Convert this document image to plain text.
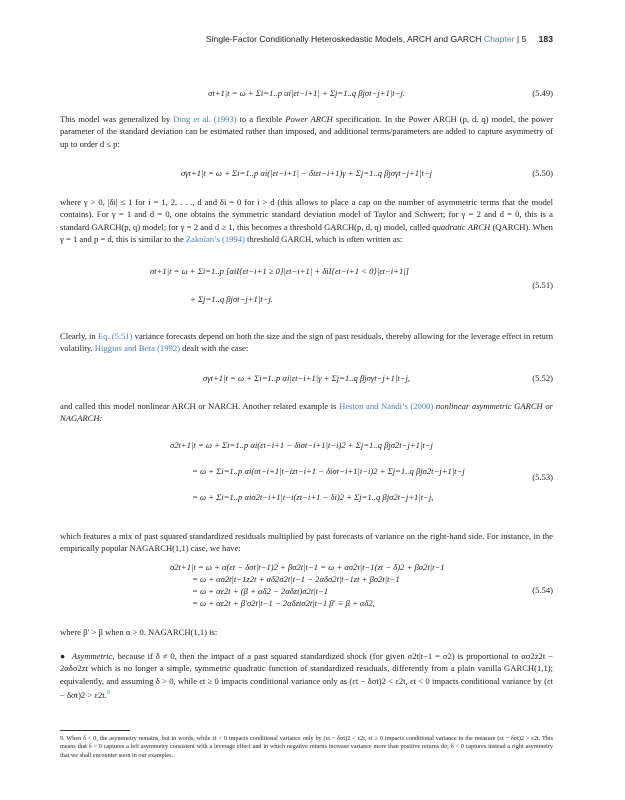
Single-Factor Conditionally Heteroskedastic Models, ARCH and GARCH Chapter | 5 183
σt+1|t = ω + Σi=1..p αi|εt−i+1| + Σj=1..q βjσt−j+1|t−j.	(5.49)
This model was generalized by Ding et al. (1993) to a flexible Power ARCH specification. In the Power ARCH (p, d, q) model, the power parameter of the standard deviation can be estimated rather than imposed, and additional terms/parameters are added to capture asymmetry of up to order d ≤ p:
σγt+1|t = ω + Σi=1..p αi(|εt−i+1| − δiεt−i+1)γ + Σj=1..q βjσγt−j+1|t−j	(5.50)
where γ > 0, |δi| ≤ 1 for i = 1, 2, . . ., d and δi = 0 for i > d (this allows to place a cap on the number of asymmetric terms that the model contains). For γ = 1 and d = 0, one obtains the symmetric standard deviation model of Taylor and Schwert; for γ = 2 and d = 0, this is a standard GARCH(p, q) model; for γ = 2 and d ≥ 1, this becomes a threshold GARCH(p, d, q) model, called quadratic ARCH (QARCH). When γ = 1 and p = d, this is similar to the Zakoïan’s (1994) threshold GARCH, which is often written as:
σt+1|t = ω + Σi=1..p [αiI{εt−i+1 ≥ 0}|εt−i+1| + δiI{εt−i+1 < 0}|εt−i+1|]
+ Σj=1..q βjσt−j+1|t−j.
(5.51)
Clearly, in Eq. (5.51) variance forecasts depend on both the size and the sign of past residuals, thereby allowing for the leverage effect in return volatility. Higgins and Bera (1992) dealt with the case:
σγt+1|t = ω + Σi=1..p αi|εt−i+1|γ + Σj=1..q βjσγt−j+1|t−j,	(5.52)
and called this model nonlinear ARCH or NARCH. Another related example is Heston and Nandi’s (2000) nonlinear asymmetric GARCH or NAGARCH:
σ2t+1|t = ω + Σi=1..p αi(εt−i+1 − δiσt−i+1|t−i)2 + Σj=1..q βjσ2t−j+1|t−j
= ω + Σi=1..p αi(σt−i+1|t−izt−i+1 − δiσt−i+1|t−i)2 + Σj=1..q βjσ2t−j+1|t−j
= ω + Σi=1..p αiσ2t−i+1|t−i(zt−i+1 − δi)2 + Σj=1..q βjσ2t−j+1|t−j,
(5.53)
which features a mix of past squared standardized residuals multiplied by past forecasts of variance on the right-hand side. For instance, in the empirically popular NAGARCH(1,1) case, we have:
σ2t+1|t = ω + α(εt − δσt|t−1)2 + βσ2t|t−1 = ω + ασ2t|t−1(zt − δ)2 + βσ2t|t−1
= ω + ασ2t|t−1z2t + αδ2σ2t|t−1 − 2αδσ2t|t−1zt + βσ2t|t−1
= ω + αε2t + (β + αδ2 − 2αδzt)σ2t|t−1
= ω + αε2t + β′σ2t|t−1 − 2αδztσ2t|t−1 β′ ≡ β + αδ2,
(5.54)
where β′ > β when α > 0. NAGARCH(1,1) is:
●  Asymmetric, because if δ ≠ 0, then the impact of a past squared standardized shock (for given σ2t|t−1 = σ2) is proportional to ασ2z2t − 2αδσ2zt which is no longer a simple, symmetric quadratic function of standardized residuals, differently from a plain vanilla GARCH(1,1); equivalently, and assuming δ > 0, while εt ≥ 0 impacts conditional variance only as (εt − δσt)2 < ε2t, εt < 0 impacts conditional variance by (εt − δσt)2 > ε2t.$^9$
9. When δ < 0, the asymmetry remains, but in words, while εt < 0 impacts conditional variance only by (εt − δσt)2 < ε2t, εt ≥ 0 impacts conditional variance in the measure (εt − δσt)2 > ε2t. This means that δ > 0 captures a left asymmetry consistent with a leverage effect and in which negative returns increase variance more than positive returns do; δ < 0 captures instead a right asymmetry that we shall encounter soon in our examples.
